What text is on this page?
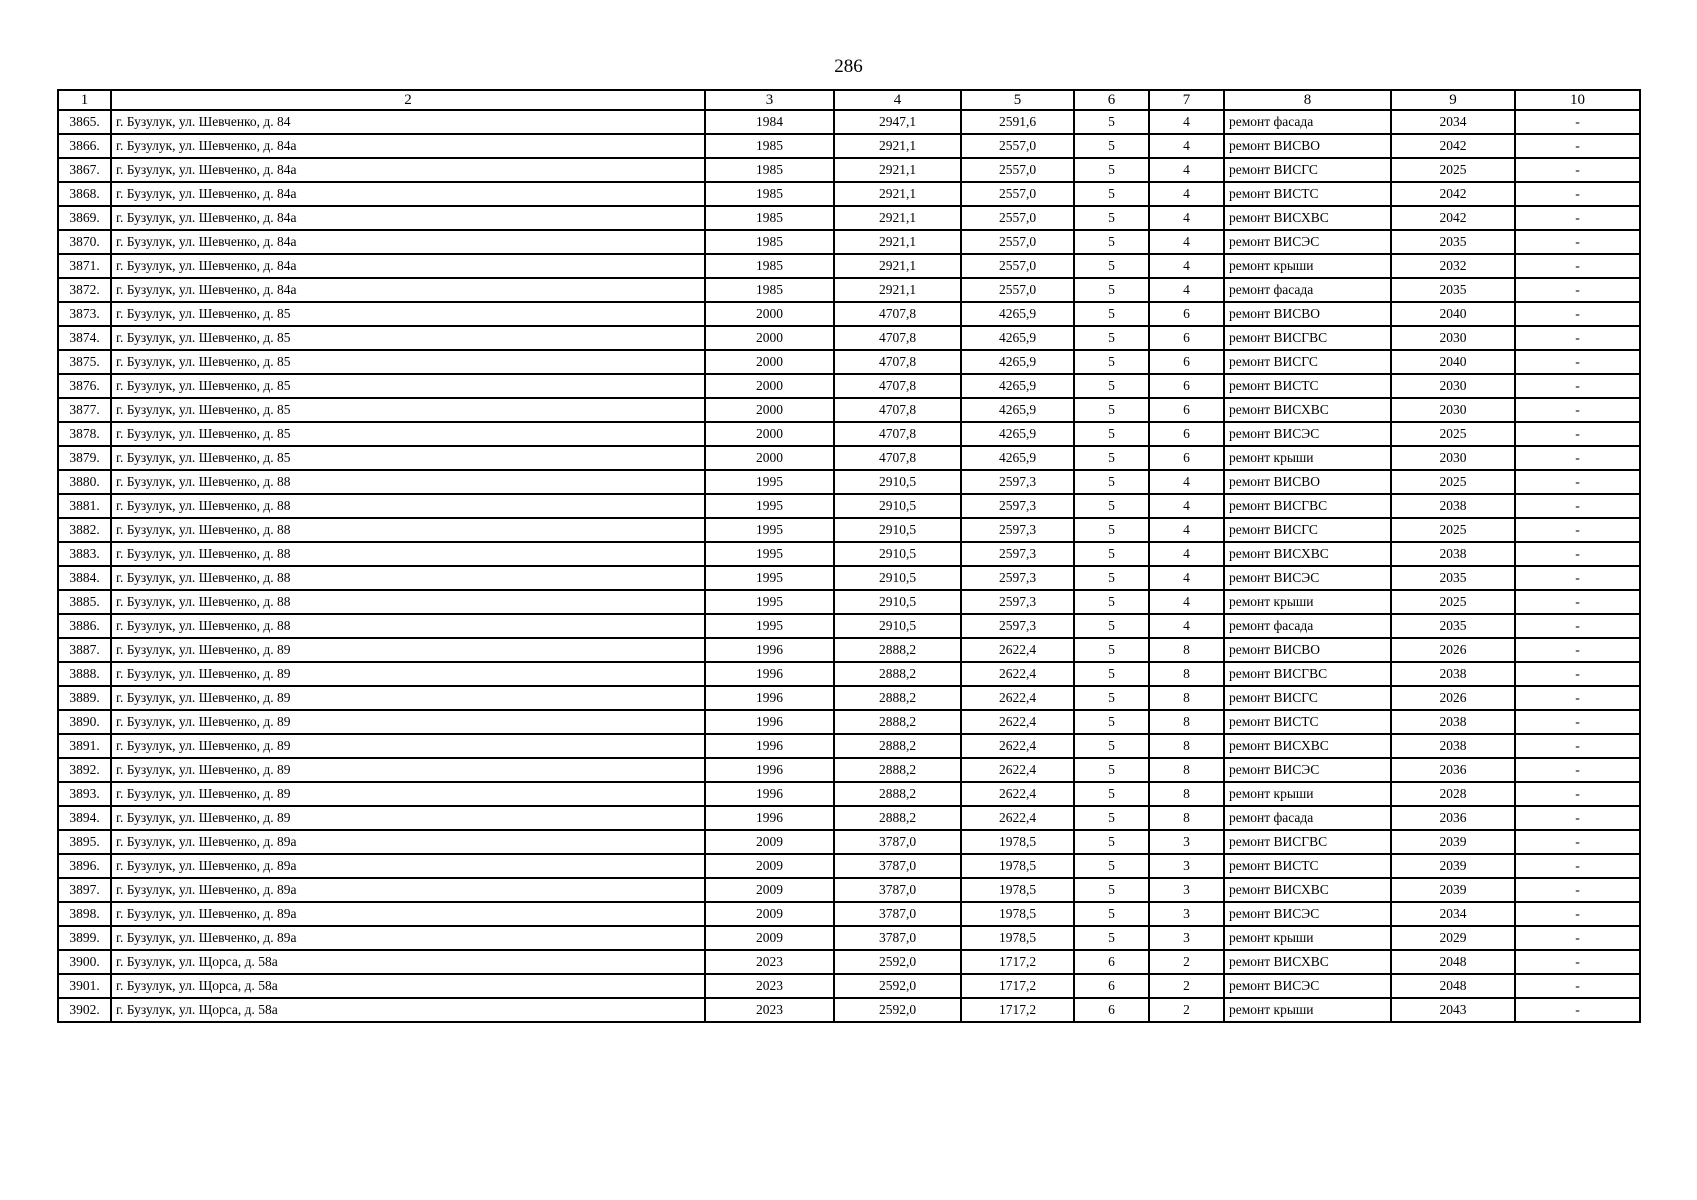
286
1	2	3	4	5	6	7	8	9	10
3865.	г. Бузулук, ул. Шевченко, д. 84	1984	2947,1	2591,6	5	4	ремонт фасада	2034	-
3866.	г. Бузулук, ул. Шевченко, д. 84а	1985	2921,1	2557,0	5	4	ремонт ВИСВО	2042	-
3867.	г. Бузулук, ул. Шевченко, д. 84а	1985	2921,1	2557,0	5	4	ремонт ВИСГС	2025	-
3868.	г. Бузулук, ул. Шевченко, д. 84а	1985	2921,1	2557,0	5	4	ремонт ВИСТС	2042	-
3869.	г. Бузулук, ул. Шевченко, д. 84а	1985	2921,1	2557,0	5	4	ремонт ВИСХВС	2042	-
3870.	г. Бузулук, ул. Шевченко, д. 84а	1985	2921,1	2557,0	5	4	ремонт ВИСЭС	2035	-
3871.	г. Бузулук, ул. Шевченко, д. 84а	1985	2921,1	2557,0	5	4	ремонт крыши	2032	-
3872.	г. Бузулук, ул. Шевченко, д. 84а	1985	2921,1	2557,0	5	4	ремонт фасада	2035	-
3873.	г. Бузулук, ул. Шевченко, д. 85	2000	4707,8	4265,9	5	6	ремонт ВИСВО	2040	-
3874.	г. Бузулук, ул. Шевченко, д. 85	2000	4707,8	4265,9	5	6	ремонт ВИСГВС	2030	-
3875.	г. Бузулук, ул. Шевченко, д. 85	2000	4707,8	4265,9	5	6	ремонт ВИСГС	2040	-
3876.	г. Бузулук, ул. Шевченко, д. 85	2000	4707,8	4265,9	5	6	ремонт ВИСТС	2030	-
3877.	г. Бузулук, ул. Шевченко, д. 85	2000	4707,8	4265,9	5	6	ремонт ВИСХВС	2030	-
3878.	г. Бузулук, ул. Шевченко, д. 85	2000	4707,8	4265,9	5	6	ремонт ВИСЭС	2025	-
3879.	г. Бузулук, ул. Шевченко, д. 85	2000	4707,8	4265,9	5	6	ремонт крыши	2030	-
3880.	г. Бузулук, ул. Шевченко, д. 88	1995	2910,5	2597,3	5	4	ремонт ВИСВО	2025	-
3881.	г. Бузулук, ул. Шевченко, д. 88	1995	2910,5	2597,3	5	4	ремонт ВИСГВС	2038	-
3882.	г. Бузулук, ул. Шевченко, д. 88	1995	2910,5	2597,3	5	4	ремонт ВИСГС	2025	-
3883.	г. Бузулук, ул. Шевченко, д. 88	1995	2910,5	2597,3	5	4	ремонт ВИСХВС	2038	-
3884.	г. Бузулук, ул. Шевченко, д. 88	1995	2910,5	2597,3	5	4	ремонт ВИСЭС	2035	-
3885.	г. Бузулук, ул. Шевченко, д. 88	1995	2910,5	2597,3	5	4	ремонт крыши	2025	-
3886.	г. Бузулук, ул. Шевченко, д. 88	1995	2910,5	2597,3	5	4	ремонт фасада	2035	-
3887.	г. Бузулук, ул. Шевченко, д. 89	1996	2888,2	2622,4	5	8	ремонт ВИСВО	2026	-
3888.	г. Бузулук, ул. Шевченко, д. 89	1996	2888,2	2622,4	5	8	ремонт ВИСГВС	2038	-
3889.	г. Бузулук, ул. Шевченко, д. 89	1996	2888,2	2622,4	5	8	ремонт ВИСГС	2026	-
3890.	г. Бузулук, ул. Шевченко, д. 89	1996	2888,2	2622,4	5	8	ремонт ВИСТС	2038	-
3891.	г. Бузулук, ул. Шевченко, д. 89	1996	2888,2	2622,4	5	8	ремонт ВИСХВС	2038	-
3892.	г. Бузулук, ул. Шевченко, д. 89	1996	2888,2	2622,4	5	8	ремонт ВИСЭС	2036	-
3893.	г. Бузулук, ул. Шевченко, д. 89	1996	2888,2	2622,4	5	8	ремонт крыши	2028	-
3894.	г. Бузулук, ул. Шевченко, д. 89	1996	2888,2	2622,4	5	8	ремонт фасада	2036	-
3895.	г. Бузулук, ул. Шевченко, д. 89а	2009	3787,0	1978,5	5	3	ремонт ВИСГВС	2039	-
3896.	г. Бузулук, ул. Шевченко, д. 89а	2009	3787,0	1978,5	5	3	ремонт ВИСТС	2039	-
3897.	г. Бузулук, ул. Шевченко, д. 89а	2009	3787,0	1978,5	5	3	ремонт ВИСХВС	2039	-
3898.	г. Бузулук, ул. Шевченко, д. 89а	2009	3787,0	1978,5	5	3	ремонт ВИСЭС	2034	-
3899.	г. Бузулук, ул. Шевченко, д. 89а	2009	3787,0	1978,5	5	3	ремонт крыши	2029	-
3900.	г. Бузулук, ул. Щорса, д. 58а	2023	2592,0	1717,2	6	2	ремонт ВИСХВС	2048	-
3901.	г. Бузулук, ул. Щорса, д. 58а	2023	2592,0	1717,2	6	2	ремонт ВИСЭС	2048	-
3902.	г. Бузулук, ул. Щорса, д. 58а	2023	2592,0	1717,2	6	2	ремонт крыши	2043	-
